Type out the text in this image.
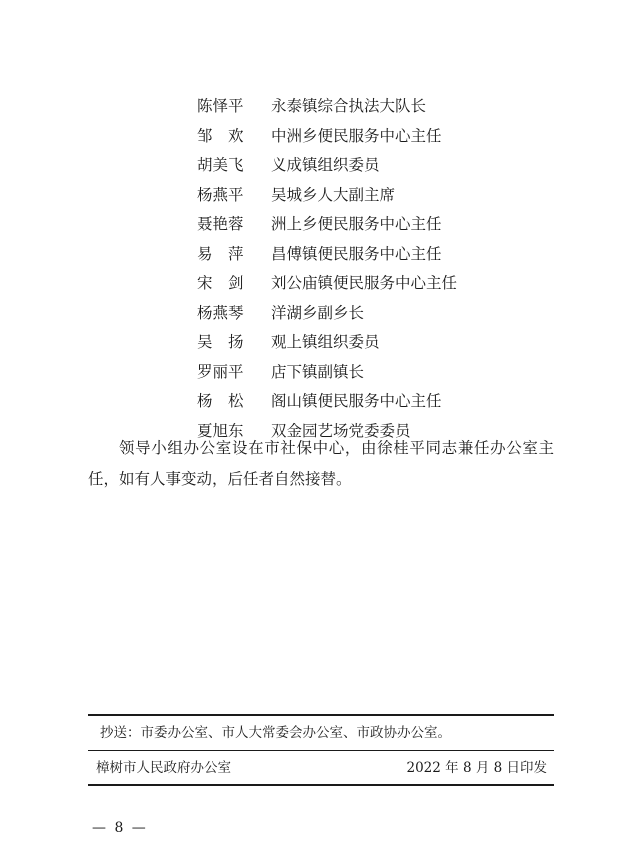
陈怿平	永泰镇综合执法大队长
邹　欢	中洲乡便民服务中心主任
胡美飞	义成镇组织委员
杨燕平	吴城乡人大副主席
聂艳蓉	洲上乡便民服务中心主任
易　萍	昌傅镇便民服务中心主任
宋　剑	刘公庙镇便民服务中心主任
杨燕琴	洋湖乡副乡长
吴　扬	观上镇组织委员
罗丽平	店下镇副镇长
杨　松	阁山镇便民服务中心主任
夏旭东	双金园艺场党委委员

领导小组办公室设在市社保中心，由徐桂平同志兼任办公室主任，如有人事变动，后任者自然接替。

抄送：市委办公室、市人大常委会办公室、市政协办公室。
樟树市人民政府办公室	2022 年 8 月 8 日印发
— 8 —
